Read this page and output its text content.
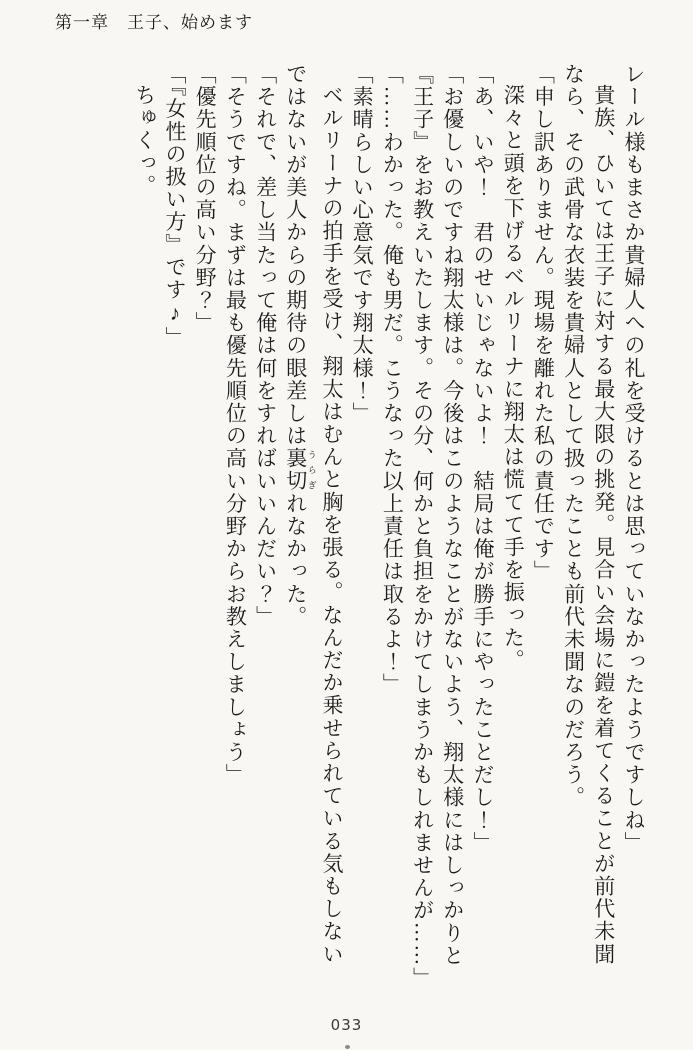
第一章　王子、始めます

レール様もまさか貴婦人への礼を受けるとは思っていなかったようですしね」

貴族、ひいては王子に対する最大限の挑発。見合い会場に鎧を着てくることが前代未聞

なら、その武骨な衣装を貴婦人として扱ったことも前代未聞なのだろう。

「申し訳ありません。現場を離れた私の責任です」

深々と頭を下げるベルリーナに翔太は慌てて手を振った。

「あ、いや！　君のせいじゃないよ！　結局は俺が勝手にやったことだし！」

「お優しいのですね翔太様は。今後はこのようなことがないよう、翔太様にはしっかりと

『王子』をお教えいたします。その分、何かと負担をかけてしまうかもしれませんが……」

「……わかった。俺も男だ。こうなった以上責任は取るよ！」

「素晴らしい心意気です翔太様！」

ベルリーナの拍手を受け、翔太はむんと胸を張る。なんだか乗せられている気もしない

ではないが美人からの期待の眼差しは裏切 うらぎれなかった。

「それで、差し当たって俺は何をすればいいんだい？」

「そうですね。まずは最も優先順位の高い分野からお教えしましょう」

「優先順位の高い分野？」

「『女性の扱い方』です♪」

ちゅくっ。

033
